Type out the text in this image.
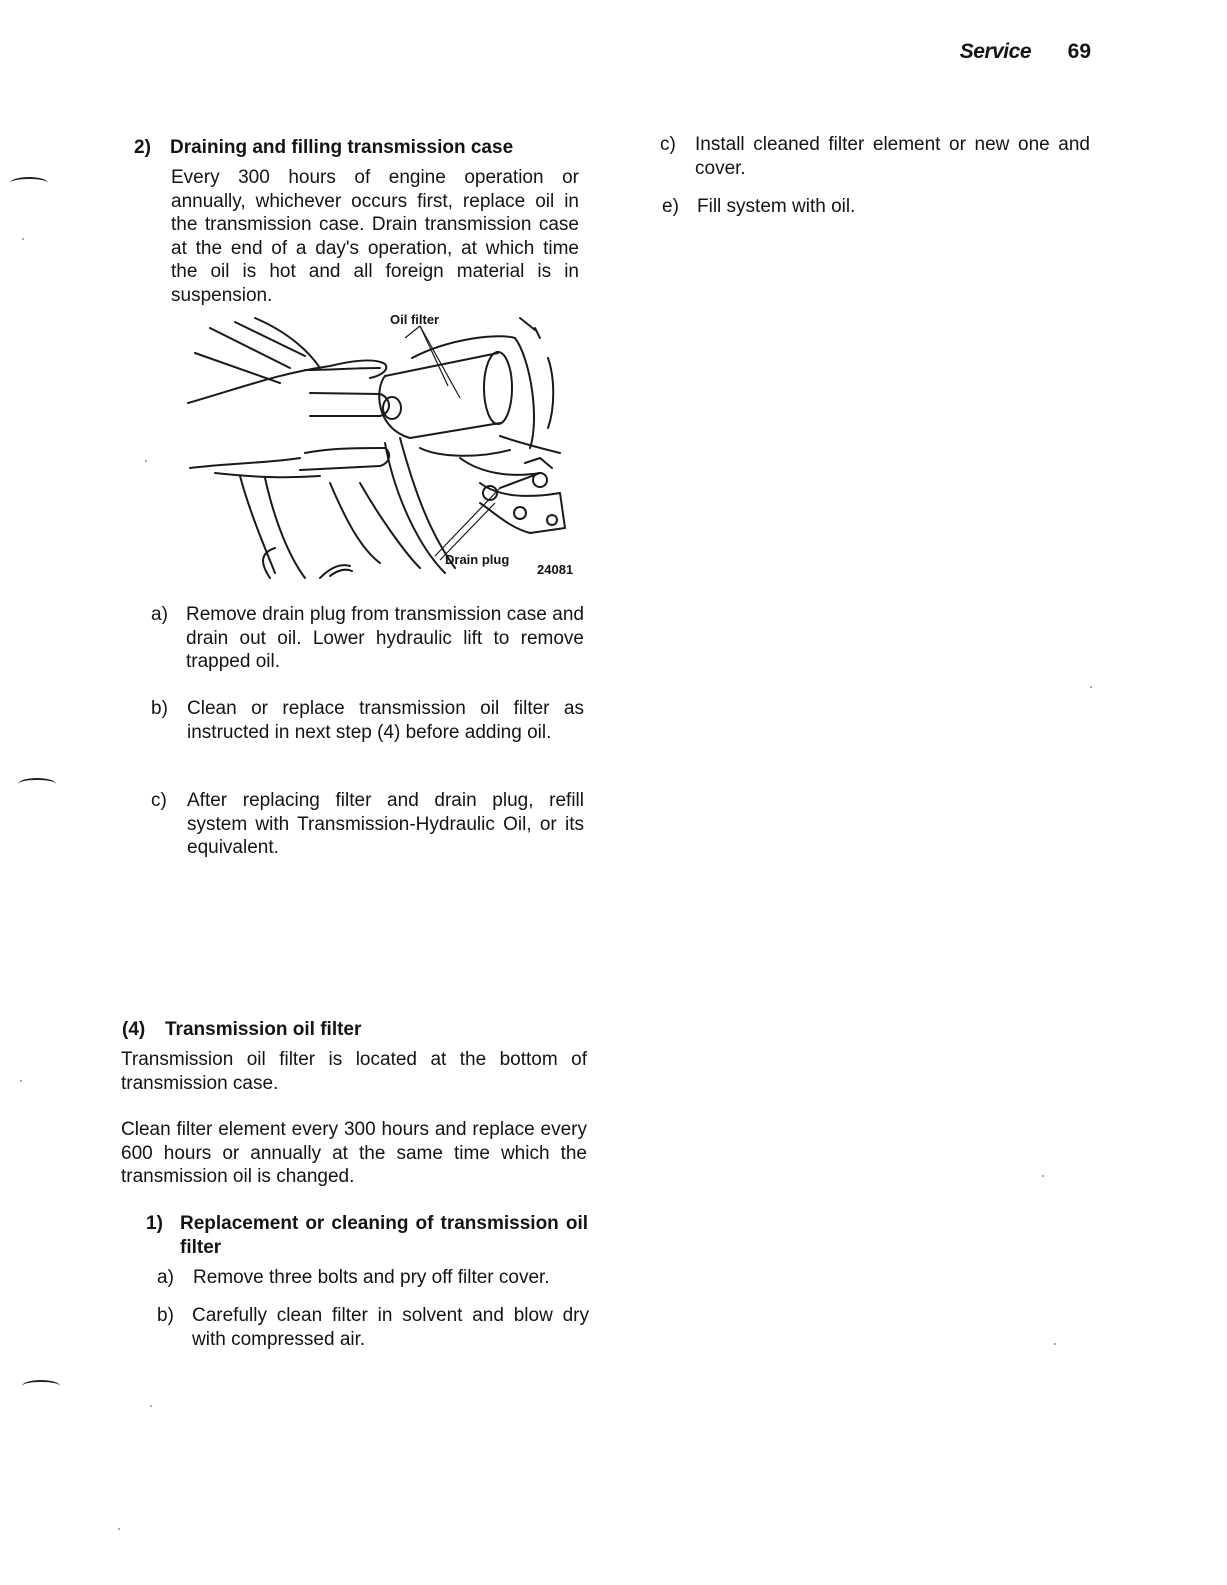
Service 69
2) Draining and filling transmission case
Every 300 hours of engine operation or annually, whichever occurs first, replace oil in the transmission case. Drain transmission case at the end of a day's operation, at which time the oil is hot and all foreign material is in suspension.
Oil filter
Drain plug
24081
a) Remove drain plug from transmission case and drain out oil. Lower hydraulic lift to remove trapped oil.
b) Clean or replace transmission oil filter as instructed in next step (4) before adding oil.
c) After replacing filter and drain plug, refill system with Transmission-Hydraulic Oil, or its equivalent.
(4) Transmission oil filter
Transmission oil filter is located at the bottom of transmission case.
Clean filter element every 300 hours and replace every 600 hours or annually at the same time which the transmission oil is changed.
1) Replacement or cleaning of transmission oil filter
a) Remove three bolts and pry off filter cover.
b) Carefully clean filter in solvent and blow dry with compressed air.
c) Install cleaned filter element or new one and cover.
e) Fill system with oil.
